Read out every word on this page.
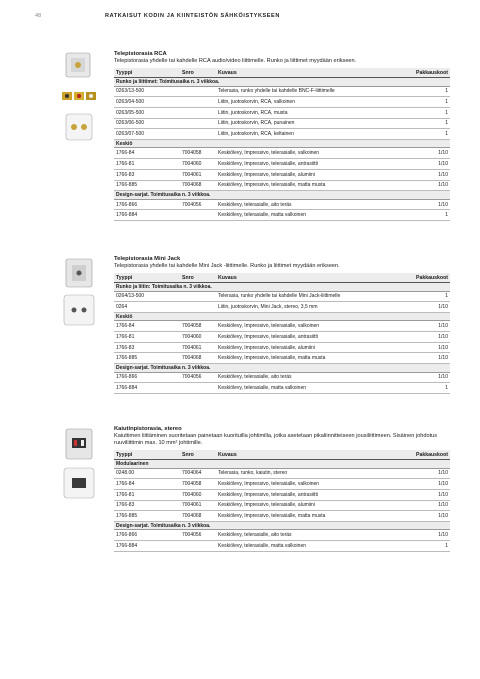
48	RATKAISUT KODIN JA KIINTEISTÖN SÄHKÖISTYKSEEN
Telepistorasia RCA
Telepistorasia yhdelle tai kahdelle RCA audio/video liittimelle. Runko ja liittimet myydään erikseen.
Tyyppi	Snro	Kuvaus	Pakkauskoot
Runko ja liittimet: Toimitusaika n. 3 viikkoa.			
0263/13-500		Telerasia, runko yhdelle tai kahdelle BNC-F-liittimelle	1
0263/04-500		Liitin, juotoskorvin, RCA, valkoinen	1
0263/05-500		Liitin, juotoskorvin, RCA, musta	1
0263/06-500		Liitin, juotoskorvin, RCA, punainen	1
0263/07-500		Liitin, juotoskorvin, RCA, keltainen	1
Keskiö			
1766-84	7004058	Keskiölevy, Impressivo, telerasialle, valkoinen	1/10
1766-81	7004060	Keskiölevy, Impressivo, telerasialle, antrasiitti	1/10
1766-83	7004061	Keskiölevy, Impressivo, telerasialle, alumiini	1/10
1766-885	7004068	Keskiölevy, Impressivo, telerasialle, matta musta	1/10
Design-sarjat. Toimitusaika n. 3 viikkoa.			
1766-866	7004056	Keskiölevy, telerasialle, aito teräs	1/10
1766-884		Keskiölevy, telerasialle, matta valkoinen	1
Telepistorasia Mini Jack
Telepistorasia yhdelle tai kahdelle Mini Jack -liittimelle. Runko ja liittimet myydään erikseen.
Tyyppi	Snro	Kuvaus	Pakkauskoot
Runko ja liitin: Toimitusaika n. 3 viikkoa.			
0264/13-500		Telerasia, runko yhdelle tai kahdelle Mini Jack-liittimelle	1
0264		Liitin, juotoskorvin, Mini Jack, stereo, 3,5 mm	1/10
Keskiö			
1766-84	7004058	Keskiölevy, Impressivo, telerasialle, valkoinen	1/10
1766-81	7004060	Keskiölevy, Impressivo, telerasialle, antrasiitti	1/10
1766-83	7004061	Keskiölevy, Impressivo, telerasialle, alumiini	1/10
1766-885	7004068	Keskiölevy, Impressivo, telerasialle, matta musta	1/10
Design-sarjat. Toimitusaika n. 3 viikkoa.			
1766-866	7004056	Keskiölevy, telerasialle, aito teräs	1/10
1766-884		Keskiölevy, telerasialle, matta valkoinen	1
Kaiutinpistorasia, stereo
Kaiuttimen liittäminen suoritetaan painetaan kuorituilla johtimilla, jotka asetetaan pikaliinnitteiseen jousiliittimeen. Sisäinen johdotus ruuviliittimin max. 10 mm² johtimille.
Tyyppi	Snro	Kuvaus	Pakkauskoot
Modulaarinen			
0248.00	7004064	Telerasia, runko, kaiutin, stereo	1/10
1766-84	7004058	Keskiölevy, Impressivo, telerasialle, valkoinen	1/10
1766-81	7004060	Keskiölevy, Impressivo, telerasialle, antrasiitti	1/10
1766-83	7004061	Keskiölevy, Impressivo, telerasialle, alumiini	1/10
1766-885	7004068	Keskiölevy, Impressivo, telerasialle, matta musta	1/10
Design-sarjat. Toimitusaika n. 3 viikkoa.			
1766-866	7004056	Keskiölevy, telerasialle, aito teräs	1/10
1766-884		Keskiölevy, telerasialle, matta valkoinen	1
